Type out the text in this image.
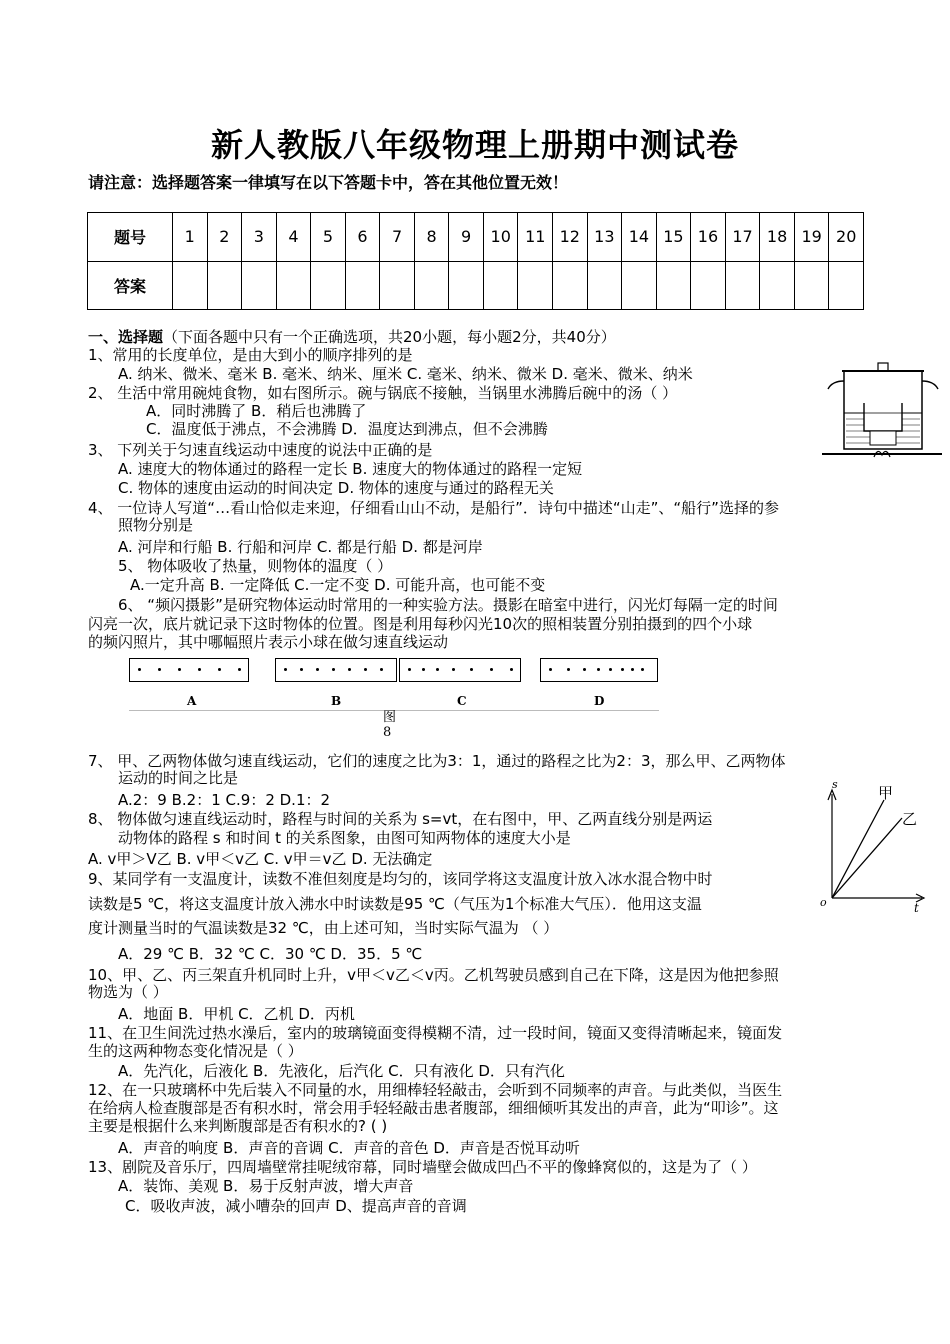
新人教版八年级物理上册期中测试卷
请注意：选择题答案一律填写在以下答题卡中，答在其他位置无效！
题号	1	2	3	4	5	6	7	8	9	10	11	12	13	14	15	16	17	18	19	20
答案																				
一、选择题（下面各题中只有一个正确选项，共20小题，每小题2分，共40分）
1、常用的长度单位，是由大到小的顺序排列的是
A. 纳米、微米、毫米 B. 毫米、纳米、厘米 C. 毫米、纳米、微米 D. 毫米、微米、纳米
2、 生活中常用碗炖食物，如右图所示。碗与锅底不接触，当锅里水沸腾后碗中的汤（ ）
A．同时沸腾了 B．稍后也沸腾了
C．温度低于沸点，不会沸腾 D．温度达到沸点，但不会沸腾
3、 下列关于匀速直线运动中速度的说法中正确的是
A. 速度大的物体通过的路程一定长 B. 速度大的物体通过的路程一定短
C. 物体的速度由运动的时间决定 D. 物体的速度与通过的路程无关
4、 一位诗人写道“…看山恰似走来迎，仔细看山山不动，是船行”．诗句中描述“山走”、“船行”选择的参
照物分别是
A. 河岸和行船 B. 行船和河岸 C. 都是行船 D. 都是河岸
5、 物体吸收了热量，则物体的温度（ ）
A.一定升高 B. 一定降低 C.一定不变 D. 可能升高，也可能不变
6、 “频闪摄影”是研究物体运动时常用的一种实验方法。摄影在暗室中进行，闪光灯每隔一定的时间
闪亮一次，底片就记录下这时物体的位置。图是利用每秒闪光10次的照相装置分别拍摄到的四个小球
的频闪照片，其中哪幅照片表示小球在做匀速直线运动
A	B	C	D
图 8
7、 甲、乙两物体做匀速直线运动，它们的速度之比为3：1，通过的路程之比为2：3，那么甲、乙两物体
运动的时间之比是
A.2：9 B.2：1 C.9：2 D.1：2
8、 物体做匀速直线运动时，路程与时间的关系为 s=vt，在右图中，甲、乙两直线分别是两运
动物体的路程 s 和时间 t 的关系图象，由图可知两物体的速度大小是
A. v甲＞V乙 B. v甲＜v乙 C. v甲＝v乙 D. 无法确定
9、某同学有一支温度计，读数不准但刻度是均匀的，该同学将这支温度计放入冰水混合物中时
读数是5 ℃，将这支温度计放入沸水中时读数是95 ℃（气压为1个标准大气压）．他用这支温
度计测量当时的气温读数是32 ℃，由上述可知，当时实际气温为 （ ）
A．29 ℃ B．32 ℃ C．30 ℃ D．35．5 ℃
10、甲、乙、丙三架直升机同时上升，v甲＜v乙＜v丙。乙机驾驶员感到自己在下降，这是因为他把参照
物选为（ ）
A．地面 B．甲机 C．乙机 D．丙机
11、在卫生间洗过热水澡后，室内的玻璃镜面变得模糊不清，过一段时间，镜面又变得清晰起来，镜面发
生的这两种物态变化情况是（ ）
A．先汽化，后液化 B．先液化，后汽化 C．只有液化 D．只有汽化
12、在一只玻璃杯中先后装入不同量的水，用细棒轻轻敲击，会听到不同频率的声音。与此类似，当医生
在给病人检查腹部是否有积水时，常会用手轻轻敲击患者腹部，细细倾听其发出的声音，此为“叩诊”。这
主要是根据什么来判断腹部是否有积水的? ( )
A．声音的响度 B．声音的音调 C．声音的音色 D．声音是否悦耳动听
13、剧院及音乐厅，四周墙壁常挂呢绒帘幕，同时墙壁会做成凹凸不平的像蜂窝似的，这是为了（ ）
A．装饰、美观 B．易于反射声波，增大声音
C．吸收声波，减小嘈杂的回声 D、提高声音的音调
s
t
o
甲
乙
